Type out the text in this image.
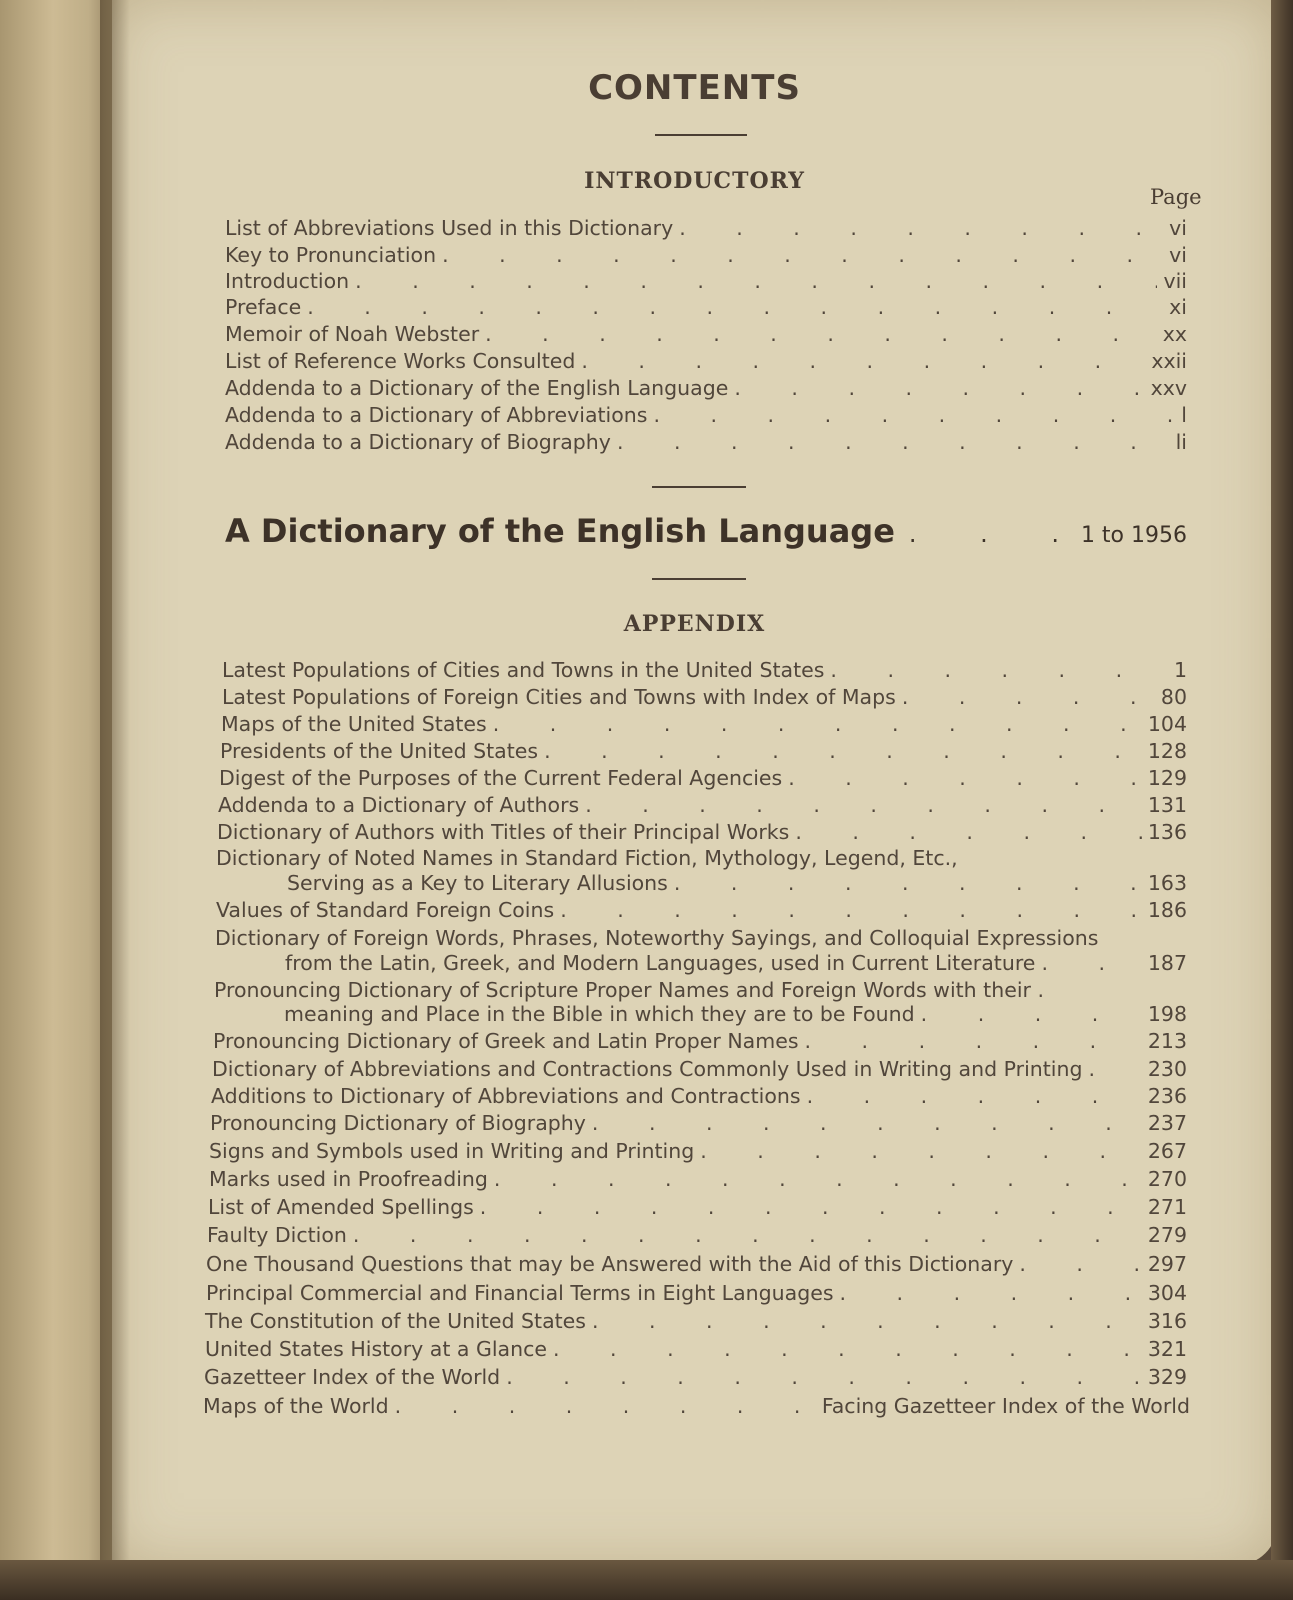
CONTENTS
INTRODUCTORY
Page
List of Abbreviations Used in this Dictionary . . .	vi
Key to Pronunciation . . .	vi
Introduction . . .	vii
Preface . . .	xi
Memoir of Noah Webster . . .	xx
List of Reference Works Consulted . . .	xxii
Addenda to a Dictionary of the English Language . . .	xxv
Addenda to a Dictionary of Abbreviations . . .	l
Addenda to a Dictionary of Biography . . .	li
A Dictionary of the English Language . . .	1 to 1956
APPENDIX
Latest Populations of Cities and Towns in the United States . . .	1
Latest Populations of Foreign Cities and Towns with Index of Maps . . .	80
Maps of the United States . . .	104
Presidents of the United States . . .	128
Digest of the Purposes of the Current Federal Agencies . . .	129
Addenda to a Dictionary of Authors . . .	131
Dictionary of Authors with Titles of their Principal Works . . .	136
Dictionary of Noted Names in Standard Fiction, Mythology, Legend, Etc.,
Serving as a Key to Literary Allusions . . .	163
Values of Standard Foreign Coins . . .	186
Dictionary of Foreign Words, Phrases, Noteworthy Sayings, and Colloquial Expressions
from the Latin, Greek, and Modern Languages, used in Current Literature . . .	187
Pronouncing Dictionary of Scripture Proper Names and Foreign Words with their .
meaning and Place in the Bible in which they are to be Found . . .	198
Pronouncing Dictionary of Greek and Latin Proper Names . . .	213
Dictionary of Abbreviations and Contractions Commonly Used in Writing and Printing . . .	230
Additions to Dictionary of Abbreviations and Contractions . . .	236
Pronouncing Dictionary of Biography . . .	237
Signs and Symbols used in Writing and Printing . . .	267
Marks used in Proofreading . . .	270
List of Amended Spellings . . .	271
Faulty Diction . . .	279
One Thousand Questions that may be Answered with the Aid of this Dictionary . . .	297
Principal Commercial and Financial Terms in Eight Languages . . .	304
The Constitution of the United States . . .	316
United States History at a Glance . . .	321
Gazetteer Index of the World . . .	329
Maps of the World . . .	Facing Gazetteer Index of the World
